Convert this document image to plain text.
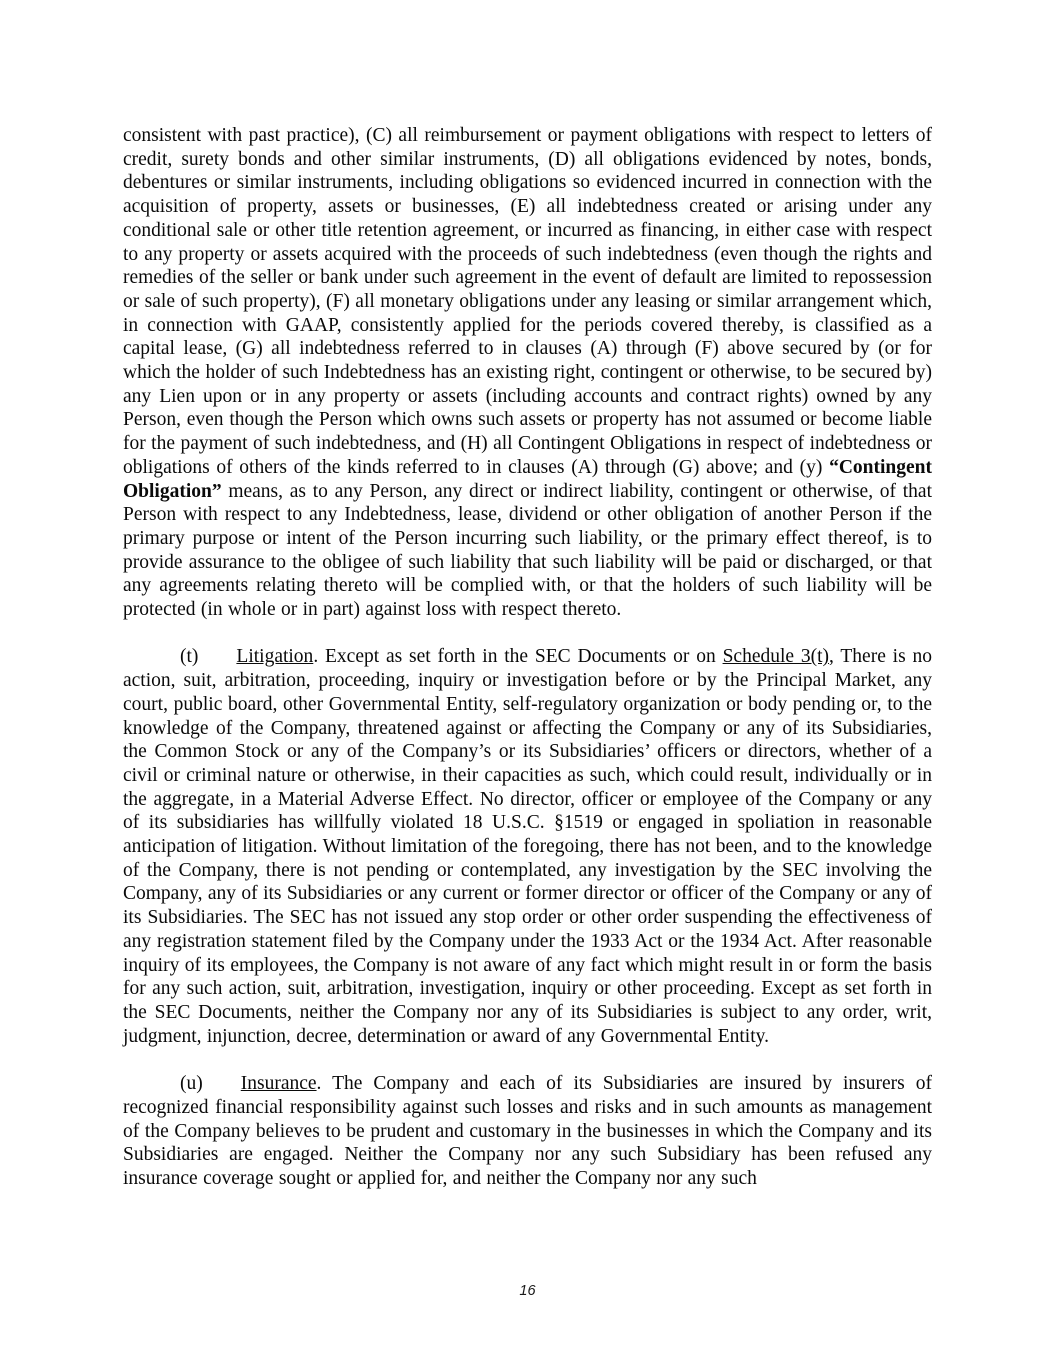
consistent with past practice), (C) all reimbursement or payment obligations with respect to letters of credit, surety bonds and other similar instruments, (D) all obligations evidenced by notes, bonds, debentures or similar instruments, including obligations so evidenced incurred in connection with the acquisition of property, assets or businesses, (E) all indebtedness created or arising under any conditional sale or other title retention agreement, or incurred as financing, in either case with respect to any property or assets acquired with the proceeds of such indebtedness (even though the rights and remedies of the seller or bank under such agreement in the event of default are limited to repossession or sale of such property), (F) all monetary obligations under any leasing or similar arrangement which, in connection with GAAP, consistently applied for the periods covered thereby, is classified as a capital lease, (G) all indebtedness referred to in clauses (A) through (F) above secured by (or for which the holder of such Indebtedness has an existing right, contingent or otherwise, to be secured by) any Lien upon or in any property or assets (including accounts and contract rights) owned by any Person, even though the Person which owns such assets or property has not assumed or become liable for the payment of such indebtedness, and (H) all Contingent Obligations in respect of indebtedness or obligations of others of the kinds referred to in clauses (A) through (G) above; and (y) “Contingent Obligation” means, as to any Person, any direct or indirect liability, contingent or otherwise, of that Person with respect to any Indebtedness, lease, dividend or other obligation of another Person if the primary purpose or intent of the Person incurring such liability, or the primary effect thereof, is to provide assurance to the obligee of such liability that such liability will be paid or discharged, or that any agreements relating thereto will be complied with, or that the holders of such liability will be protected (in whole or in part) against loss with respect thereto.

(t) Litigation. Except as set forth in the SEC Documents or on Schedule 3(t), There is no action, suit, arbitration, proceeding, inquiry or investigation before or by the Principal Market, any court, public board, other Governmental Entity, self-regulatory organization or body pending or, to the knowledge of the Company, threatened against or affecting the Company or any of its Subsidiaries, the Common Stock or any of the Company’s or its Subsidiaries’ officers or directors, whether of a civil or criminal nature or otherwise, in their capacities as such, which could result, individually or in the aggregate, in a Material Adverse Effect. No director, officer or employee of the Company or any of its subsidiaries has willfully violated 18 U.S.C. §1519 or engaged in spoliation in reasonable anticipation of litigation. Without limitation of the foregoing, there has not been, and to the knowledge of the Company, there is not pending or contemplated, any investigation by the SEC involving the Company, any of its Subsidiaries or any current or former director or officer of the Company or any of its Subsidiaries. The SEC has not issued any stop order or other order suspending the effectiveness of any registration statement filed by the Company under the 1933 Act or the 1934 Act. After reasonable inquiry of its employees, the Company is not aware of any fact which might result in or form the basis for any such action, suit, arbitration, investigation, inquiry or other proceeding. Except as set forth in the SEC Documents, neither the Company nor any of its Subsidiaries is subject to any order, writ, judgment, injunction, decree, determination or award of any Governmental Entity.

(u) Insurance. The Company and each of its Subsidiaries are insured by insurers of recognized financial responsibility against such losses and risks and in such amounts as management of the Company believes to be prudent and customary in the businesses in which the Company and its Subsidiaries are engaged. Neither the Company nor any such Subsidiary has been refused any insurance coverage sought or applied for, and neither the Company nor any such

16
